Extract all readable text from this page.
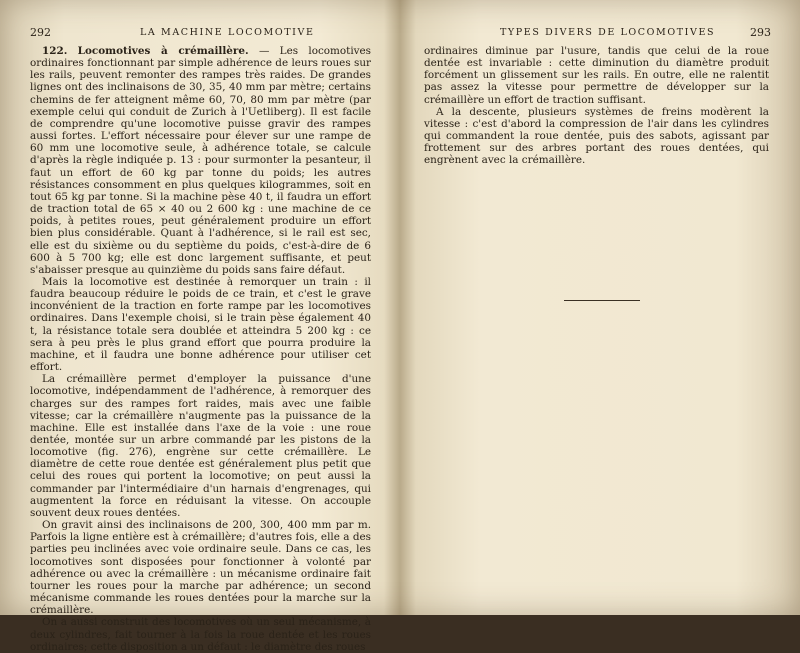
292	LA MACHINE LOCOMOTIVE

122. Locomotives à crémaillère. — Les locomotives ordinaires fonctionnant par simple adhérence de leurs roues sur les rails, peuvent remonter des rampes très raides. De grandes lignes ont des inclinaisons de 30, 35, 40 mm par mètre; certains chemins de fer atteignent même 60, 70, 80 mm par mètre (par exemple celui qui conduit de Zurich à l'Uetliberg). Il est facile de comprendre qu'une locomotive puisse gravir des rampes aussi fortes. L'effort nécessaire pour élever sur une rampe de 60 mm une locomotive seule, à adhérence totale, se calcule d'après la règle indiquée p. 13 : pour surmonter la pesanteur, il faut un effort de 60 kg par tonne du poids; les autres résistances consomment en plus quelques kilogrammes, soit en tout 65 kg par tonne. Si la machine pèse 40 t, il faudra un effort de traction total de 65 × 40 ou 2 600 kg : une machine de ce poids, à petites roues, peut généralement produire un effort bien plus considérable. Quant à l'adhérence, si le rail est sec, elle est du sixième ou du septième du poids, c'est-à-dire de 6 600 à 5 700 kg; elle est donc largement suffisante, et peut s'abaisser presque au quinzième du poids sans faire défaut.

Mais la locomotive est destinée à remorquer un train : il faudra beaucoup réduire le poids de ce train, et c'est le grave inconvénient de la traction en forte rampe par les locomotives ordinaires. Dans l'exemple choisi, si le train pèse également 40 t, la résistance totale sera doublée et atteindra 5 200 kg : ce sera à peu près le plus grand effort que pourra produire la machine, et il faudra une bonne adhérence pour utiliser cet effort.

La crémaillère permet d'employer la puissance d'une locomotive, indépendamment de l'adhérence, à remorquer des charges sur des rampes fort raides, mais avec une faible vitesse; car la crémaillère n'augmente pas la puissance de la machine. Elle est installée dans l'axe de la voie : une roue dentée, montée sur un arbre commandé par les pistons de la locomotive (fig. 276), engrène sur cette crémaillère. Le diamètre de cette roue dentée est généralement plus petit que celui des roues qui portent la locomotive; on peut aussi la commander par l'intermédiaire d'un harnais d'engrenages, qui augmentent la force en réduisant la vitesse. On accouple souvent deux roues dentées.

On gravit ainsi des inclinaisons de 200, 300, 400 mm par m. Parfois la ligne entière est à crémaillère; d'autres fois, elle a des parties peu inclinées avec voie ordinaire seule. Dans ce cas, les locomotives sont disposées pour fonctionner à volonté par adhérence ou avec la crémaillère : un mécanisme ordinaire fait tourner les roues pour la marche par adhérence; un second mécanisme commande les roues dentées pour la marche sur la crémaillère.

On a aussi construit des locomotives où un seul mécanisme, à deux cylindres, fait tourner à la fois la roue dentée et les roues ordinaires; cette disposition a un défaut : le diamètre des roues

TYPES DIVERS DE LOCOMOTIVES	293

ordinaires diminue par l'usure, tandis que celui de la roue dentée est invariable : cette diminution du diamètre produit forcément un glissement sur les rails. En outre, elle ne ralentit pas assez la vitesse pour permettre de développer sur la crémaillère un effort de traction suffisant.

A la descente, plusieurs systèmes de freins modèrent la vitesse : c'est d'abord la compression de l'air dans les cylindres qui commandent la roue dentée, puis des sabots, agissant par frottement sur des arbres portant des roues dentées, qui engrènent avec la crémaillère.
